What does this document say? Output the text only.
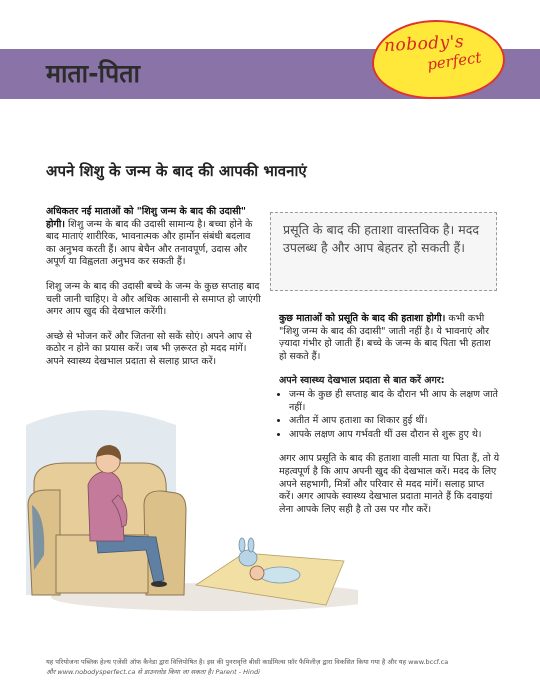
माता-पिता

nobody's

perfect

अपने शिशु के जन्म के बाद की आपकी भावनाएं

अधिकतर नई माताओं को "शिशु जन्म के बाद की उदासी" होगी। शिशु जन्म के बाद की उदासी सामान्य है। बच्चा होने के बाद माताएं शारीरिक, भावनात्मक और हार्मोन संबंधी बदलाव का अनुभव करती हैं। आप बेचैन और तनावपूर्ण, उदास और अपूर्ण या विह्वलता अनुभव कर सकती हैं।

शिशु जन्म के बाद की उदासी बच्चे के जन्म के कुछ सप्ताह बाद चली जानी चाहिए। वे और अधिक आसानी से समाप्त हो जाएंगी अगर आप खुद की देखभाल करेंगी।

अच्छे से भोजन करें और जितना सो सकें सोएं। अपने आप से कठोर न होने का प्रयास करें। जब भी ज़रूरत हो मदद मांगें। अपने स्वास्थ्य देखभाल प्रदाता से सलाह प्राप्त करें।

प्रसूति के बाद की हताशा वास्तविक है। मदद उपलब्ध है और आप बेहतर हो सकती हैं।

कुछ माताओं को प्रसूति के बाद की हताशा होगी। कभी कभी "शिशु जन्म के बाद की उदासी" जाती नहीं है। ये भावनाएं और ज़्यादा गंभीर हो जाती हैं। बच्चे के जन्म के बाद पिता भी हताश हो सकते हैं।

अपने स्वास्थ्य देखभाल प्रदाता से बात करें अगर:
• जन्म के कुछ ही सप्ताह बाद के दौरान भी आप के लक्षण जाते नहीं।
• अतीत में आप हताशा का शिकार हुई थीं।
• आपके लक्षण आप गर्भवती थीं उस दौरान से शुरू हुए थे।

अगर आप प्रसूति के बाद की हताशा वाली माता या पिता हैं, तो ये महत्वपूर्ण है कि आप अपनी खुद की देखभाल करें। मदद के लिए अपने सहभागी, मित्रों और परिवार से मदद मांगें। सलाह प्राप्त करें। अगर आपके स्वास्थ्य देखभाल प्रदाता मानते हैं कि दवाइयां लेना आपके लिए सही है तो उस पर गौर करें।

यह परियोजना पब्लिक हेल्थ एजेंसी ऑफ कैनेडा द्वारा वित्तिपोषित है। इस की पुनरावृत्ति बीसी कार्डमिल्स फ़ॉर फैमिलीज़ द्वारा विकसित किया गया है और यह www.bccf.ca

और www.nobodysperfect.ca से डाउनलोड किया जा सकता है। Parent - Hindi
